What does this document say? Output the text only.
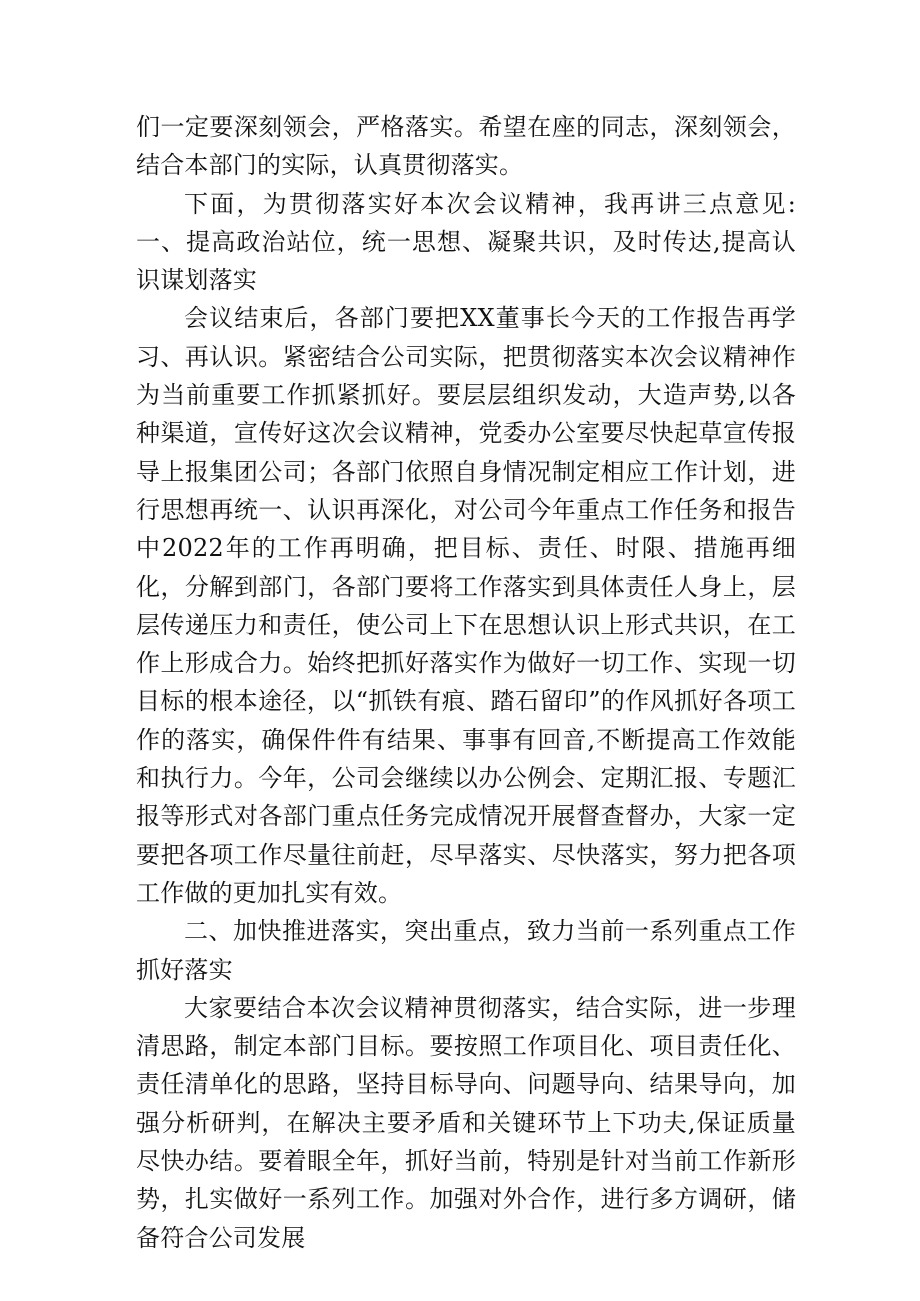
们一定要深刻领会，严格落实。希望在座的同志，深刻领会，结合本部门的实际，认真贯彻落实。

下面，为贯彻落实好本次会议精神，我再讲三点意见:一、提高政治站位，统一思想、凝聚共识，及时传达,提高认识谋划落实

会议结束后，各部门要把XX董事长今天的工作报告再学习、再认识。紧密结合公司实际，把贯彻落实本次会议精神作为当前重要工作抓紧抓好。要层层组织发动，大造声势,以各种渠道，宣传好这次会议精神，党委办公室要尽快起草宣传报导上报集团公司；各部门依照自身情况制定相应工作计划，进行思想再统一、认识再深化，对公司今年重点工作任务和报告中2022年的工作再明确，把目标、责任、时限、措施再细化，分解到部门，各部门要将工作落实到具体责任人身上，层层传递压力和责任，使公司上下在思想认识上形式共识，在工作上形成合力。始终把抓好落实作为做好一切工作、实现一切目标的根本途径，以“抓铁有痕、踏石留印”的作风抓好各项工作的落实，确保件件有结果、事事有回音,不断提高工作效能和执行力。今年，公司会继续以办公例会、定期汇报、专题汇报等形式对各部门重点任务完成情况开展督查督办，大家一定要把各项工作尽量往前赶，尽早落实、尽快落实，努力把各项工作做的更加扎实有效。

二、加快推进落实，突出重点，致力当前一系列重点工作抓好落实

大家要结合本次会议精神贯彻落实，结合实际，进一步理清思路，制定本部门目标。要按照工作项目化、项目责任化、责任清单化的思路，坚持目标导向、问题导向、结果导向，加强分析研判，在解决主要矛盾和关键环节上下功夫,保证质量尽快办结。要着眼全年，抓好当前，特别是针对当前工作新形势，扎实做好一系列工作。加强对外合作，进行多方调研，储备符合公司发展
